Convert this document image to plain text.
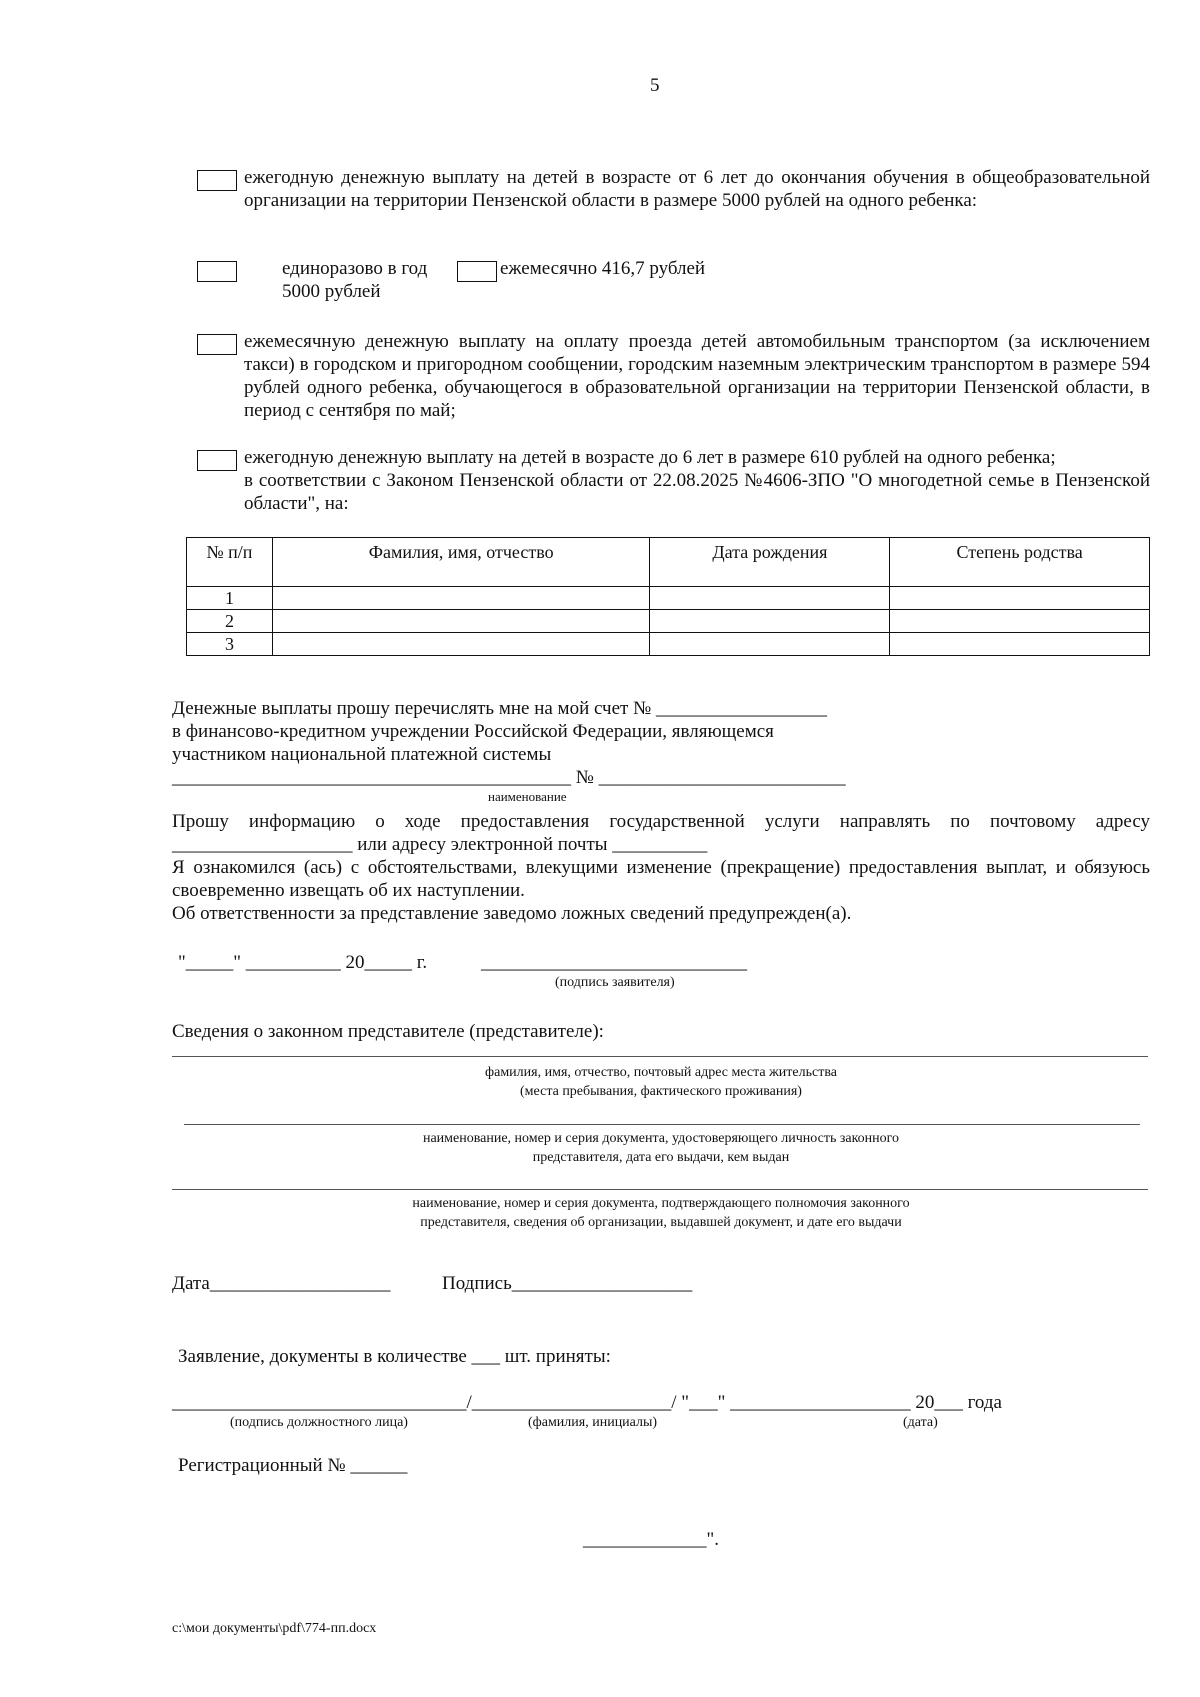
5
ежегодную денежную выплату на детей в возрасте от 6 лет до окончания обучения в общеобразовательной организации на территории Пензенской области в размере 5000 рублей на одного ребенка:
единоразово в год
5000 рублей
ежемесячно 416,7 рублей
ежемесячную денежную выплату на оплату проезда детей автомобильным транспортом (за исключением такси) в городском и пригородном сообщении, городским наземным электрическим транспортом в размере 594 рублей одного ребенка, обучающегося в образовательной организации на территории Пензенской области, в период с сентября по май;
ежегодную денежную выплату на детей в возрасте до 6 лет в размере 610 рублей на одного ребенка;
в соответствии с Законом Пензенской области от 22.08.2025 №4606-ЗПО "О многодетной семье в Пензенской области", на:
№ п/п	Фамилия, имя, отчество	Дата рождения	Степень родства
1			
2			
3			
Денежные выплаты прошу перечислять мне на мой счет № __________________
в финансово-кредитном учреждении Российской Федерации, являющемся
участником национальной платежной системы
__________________________________________ № __________________________
наименование
Прошу информацию о ходе предоставления государственной услуги направлять по почтовому адресу
___________________ или адресу электронной почты __________
Я ознакомился (ась) с обстоятельствами, влекущими изменение (прекращение) предоставления выплат, и обязуюсь своевременно извещать об их наступлении.
Об ответственности за представление заведомо ложных сведений предупрежден(а).
"_____" __________ 20_____ г.	____________________________
(подпись заявителя)
Сведения о законном представителе (представителе):
фамилия, имя, отчество, почтовый адрес места жительства
(места пребывания, фактического проживания)
наименование, номер и серия документа, удостоверяющего личность законного
представителя, дата его выдачи, кем выдан
наименование, номер и серия документа, подтверждающего полномочия законного
представителя, сведения об организации, выдавшей документ, и дате его выдачи
Дата___________________	Подпись___________________
Заявление, документы в количестве ___ шт. приняты:
_______________________________/_____________________/ "___" ___________________ 20___ года
(подпись должностного лица)	(фамилия, инициалы)	(дата)
Регистрационный № ______
_____________".
c:\мои документы\pdf\774-пп.docx
